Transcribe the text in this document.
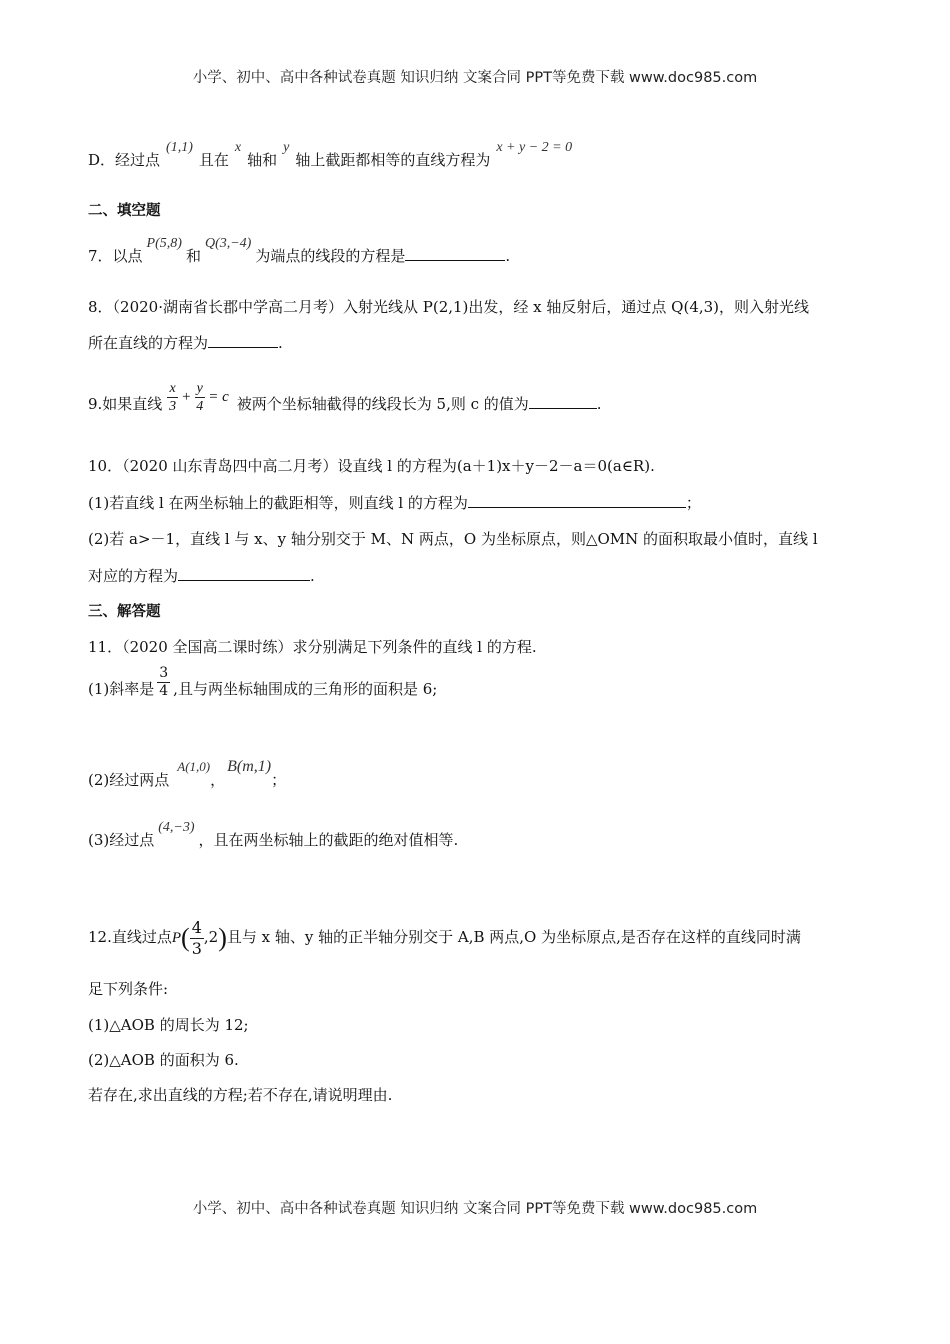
小学、初中、高中各种试卷真题 知识归纳 文案合同 PPT等免费下载 www.doc985.com
D．经过点(1,1)且在x轴和y轴上截距都相等的直线方程为x + y − 2 = 0
二、填空题
7．以点P(5,8)和Q(3,−4)为端点的线段的方程是	.
8．（2020·湖南省长郡中学高二月考）入射光线从 P(2,1)出发，经 x 轴反射后，通过点 Q(4,3)，则入射光线
所在直线的方程为	.
9.如果直线 $\frac{x}{3} + \frac{y}{4} = c$ 被两个坐标轴截得的线段长为 5,则 c 的值为	.
10．（2020 山东青岛四中高二月考）设直线 l 的方程为(a＋1)x＋y－2－a＝0(a∈R).
(1)若直线 l 在两坐标轴上的截距相等，则直线 l 的方程为	；
(2)若 a>－1，直线 l 与 x、y 轴分别交于 M、N 两点，O 为坐标原点，则△OMN 的面积取最小值时，直线 l
对应的方程为	.
三、解答题
11．（2020 全国高二课时练）求分别满足下列条件的直线 l 的方程.
(1)斜率是 $\frac{3}{4}$ ,且与两坐标轴围成的三角形的面积是 6;
(2)经过两点A(1,0)，B(m,1)；
(3)经过点(4,−3)，且在两坐标轴上的截距的绝对值相等.
12.直线过点$P( \frac{4}{3} ,2)$且与 x 轴、y 轴的正半轴分别交于 A,B 两点,O 为坐标原点,是否存在这样的直线同时满
足下列条件:
(1)△AOB 的周长为 12;
(2)△AOB 的面积为 6.
若存在,求出直线的方程;若不存在,请说明理由.
小学、初中、高中各种试卷真题 知识归纳 文案合同 PPT等免费下载 www.doc985.com
